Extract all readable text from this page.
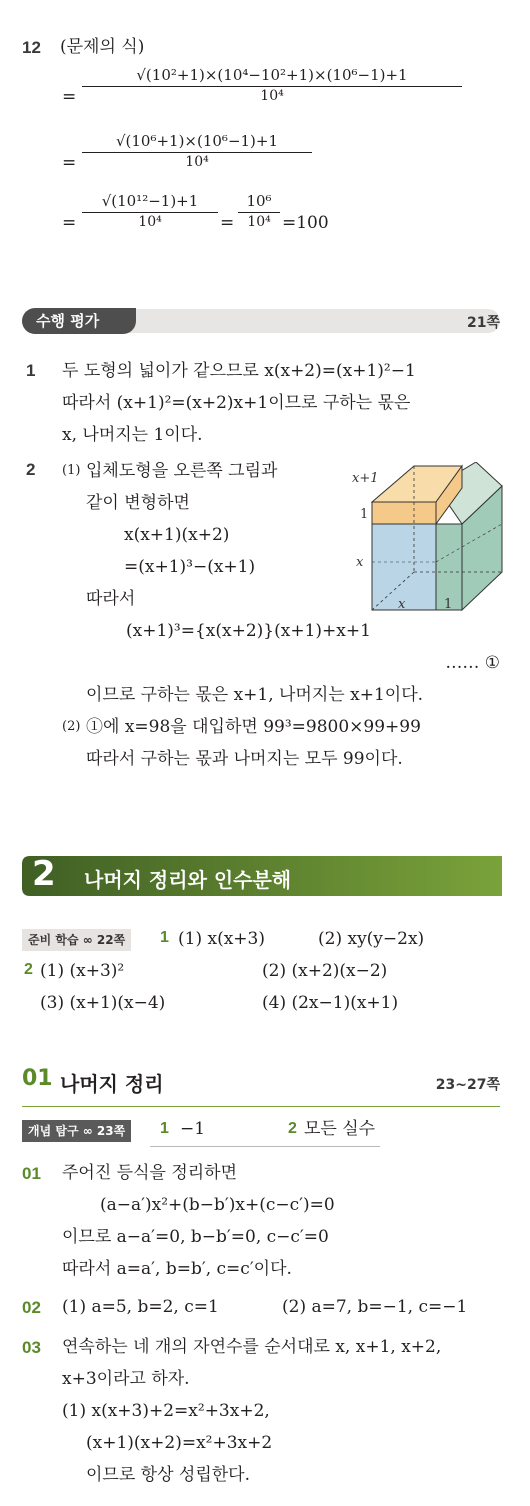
12 (문제의 식)
=
√(10²+1)×(10⁴−10²+1)×(10⁶−1)+1
10⁴
=
√(10⁶+1)×(10⁶−1)+1
10⁴
=
√(10¹²−1)+1
10⁴	=
10⁶
10⁴ =100
수행 평가	21쪽
1 두 도형의 넓이가 같으므로 x(x+2)=(x+1)²−1
따라서 (x+1)²=(x+2)x+1이므로 구하는 몫은
x, 나머지는 1이다.
2 (1) 입체도형을 오른쪽 그림과
같이 변형하면
x(x+1)(x+2)
=(x+1)³−(x+1)
따라서
(x+1)³={x(x+2)}(x+1)+x+1
…… ①
이므로 구하는 몫은 x+1, 나머지는 x+1이다.
(2) ①에 x=98을 대입하면 99³=9800×99+99
따라서 구하는 몫과 나머지는 모두 99이다.
x+1
1
x
x	1
2 나머지 정리와 인수분해
준비 학습 ∞ 22쪽	1 (1) x(x+3)	(2) xy(y−2x)
2 (1) (x+3)²	(2) (x+2)(x−2)
(3) (x+1)(x−4)	(4) (2x−1)(x+1)
01 나머지 정리	23~27쪽
개념 탐구 ∞ 23쪽	1 −1	2 모든 실수
01 주어진 등식을 정리하면
(a−a′)x²+(b−b′)x+(c−c′)=0
이므로 a−a′=0, b−b′=0, c−c′=0
따라서 a=a′, b=b′, c=c′이다.
02 (1) a=5, b=2, c=1	(2) a=7, b=−1, c=−1
03 연속하는 네 개의 자연수를 순서대로 x, x+1, x+2,
x+3이라고 하자.
(1) x(x+3)+2=x²+3x+2,
(x+1)(x+2)=x²+3x+2
이므로 항상 성립한다.
